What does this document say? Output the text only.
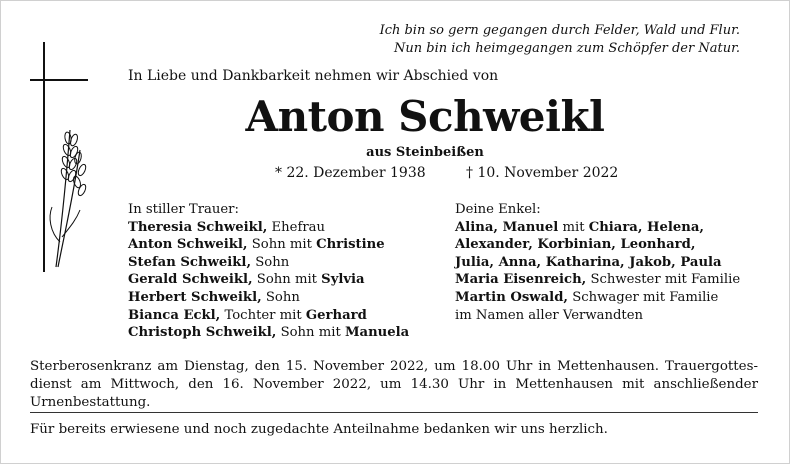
Ich bin so gern gegangen durch Felder, Wald und Flur.
Nun bin ich heimgegangen zum Schöpfer der Natur.
In Liebe und Dankbarkeit nehmen wir Abschied von
Anton Schweikl
aus Steinbeißen
* 22. Dezember 1938	† 10. November 2022
In stiller Trauer:
Theresia Schweikl, Ehefrau
Anton Schweikl, Sohn mit Christine
Stefan Schweikl, Sohn
Gerald Schweikl, Sohn mit Sylvia
Herbert Schweikl, Sohn
Bianca Eckl, Tochter mit Gerhard
Christoph Schweikl, Sohn mit Manuela
Deine Enkel:
Alina, Manuel mit Chiara, Helena,
Alexander, Korbinian, Leonhard,
Julia, Anna, Katharina, Jakob, Paula
Maria Eisenreich, Schwester mit Familie
Martin Oswald, Schwager mit Familie
im Namen aller Verwandten
Sterberosenkranz am Dienstag, den 15. November 2022, um 18.00 Uhr in Mettenhausen. Trauergottesdienst am Mittwoch, den 16. November 2022, um 14.30 Uhr in Mettenhausen mit anschließender Urnenbestattung.
Für bereits erwiesene und noch zugedachte Anteilnahme bedanken wir uns herzlich.
